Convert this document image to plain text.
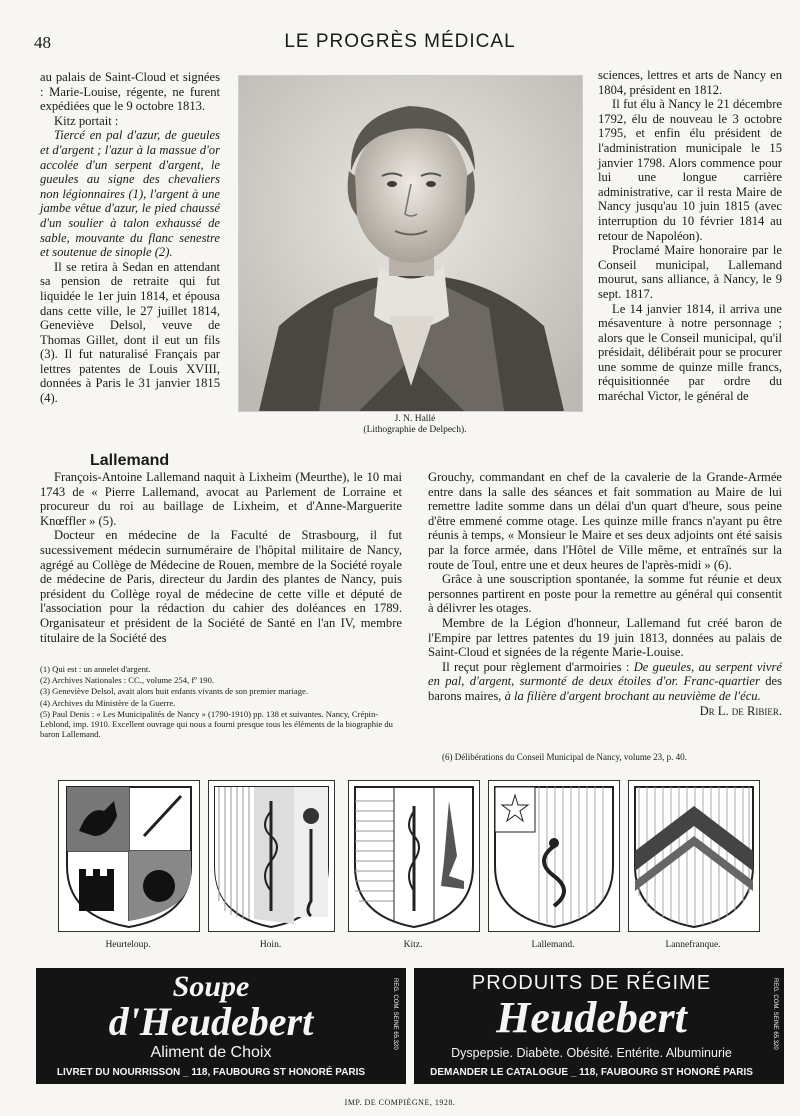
48	LE PROGRÈS MÉDICAL

au palais de Saint-Cloud et signées : Marie-Louise, régente, ne furent expédiées que le 9 octobre 1813.

Kitz portait :

Tiercé en pal d'azur, de gueules et d'argent ; l'azur à la massue d'or accolée d'un serpent d'argent, le gueules au signe des chevaliers non légionnaires (1), l'argent à une jambe vêtue d'azur, le pied chaussé d'un soulier à talon exhaussé de sable, mouvante du flanc senestre et soutenue de sinople (2).

Il se retira à Sedan en attendant sa pension de retraite qui fut liquidée le 1er juin 1814, et épousa dans cette ville, le 27 juillet 1814, Geneviève Delsol, veuve de Thomas Gillet, dont il eut un fils (3). Il fut naturalisé Français par lettres patentes de Louis XVIII, données à Paris le 31 janvier 1815 (4).

J. N. Hallé
(Lithographie de Delpech).

sciences, lettres et arts de Nancy en 1804, président en 1812.

Il fut élu à Nancy le 21 décembre 1792, élu de nouveau le 3 octobre 1795, et enfin élu président de l'administration municipale le 15 janvier 1798. Alors commence pour lui une longue carrière administrative, car il resta Maire de Nancy jusqu'au 10 juin 1815 (avec interruption du 10 février 1814 au retour de Napoléon).

Proclamé Maire honoraire par le Conseil municipal, Lallemand mourut, sans alliance, à Nancy, le 9 sept. 1817.

Le 14 janvier 1814, il arriva une mésaventure à notre personnage ; alors que le Conseil municipal, qu'il présidait, délibérait pour se procurer une somme de quinze mille francs, réquisitionnée par ordre du maréchal Victor, le général de

Lallemand

François-Antoine Lallemand naquit à Lixheim (Meurthe), le 10 mai 1743 de « Pierre Lallemand, avocat au Parlement de Lorraine et procureur du roi au baillage de Lixheim, et d'Anne-Marguerite Knœffler » (5).

Docteur en médecine de la Faculté de Strasbourg, il fut sucessivement médecin surnuméraire de l'hôpital militaire de Nancy, agrégé au Collège de Médecine de Rouen, membre de la Société royale de médecine de Paris, directeur du Jardin des plantes de Nancy, puis président du Collège royal de médecine de cette ville et député de l'association pour la rédaction du cahier des doléances en 1789. Organisateur et président de la Société de Santé en l'an IV, membre titulaire de la Société des

Grouchy, commandant en chef de la cavalerie de la Grande-Armée entre dans la salle des séances et fait sommation au Maire de lui remettre ladite somme dans un délai d'un quart d'heure, sous peine d'être emmené comme otage. Les quinze mille francs n'ayant pu être réunis à temps, « Monsieur le Maire et ses deux adjoints ont été saisis par la force armée, dans l'Hôtel de Ville même, et entraînés sur la route de Toul, entre une et deux heures de l'après-midi » (6).

Grâce à une souscription spontanée, la somme fut réunie et deux personnes partirent en poste pour la remettre au général qui consentit à délivrer les otages.

Membre de la Légion d'honneur, Lallemand fut créé baron de l'Empire par lettres patentes du 19 juin 1813, données au palais de Saint-Cloud et signées de la régente Marie-Louise.

Il reçut pour règlement d'armoiries : De gueules, au serpent vivré en pal, d'argent, surmonté de deux étoiles d'or. Franc-quartier des barons maires, à la filière d'argent brochant au neuvième de l'écu.
Dr L. de Ribier.

(1) Qui est : un annelet d'argent.

(2) Archives Nationales : CC., volume 254, fº 190.

(3) Geneviève Delsol, avait alors huit enfants vivants de son premier mariage.

(4) Archives du Ministère de la Guerre.

(5) Paul Denis : « Les Municipalités de Nancy » (1790-1910) pp. 138 et suivantes. Nancy, Crépin-Leblond, imp. 1910. Excellent ouvrage qui nous a fourni presque tous les éléments de la biographie du baron Lallemand.

(6) Délibérations du Conseil Municipal de Nancy, volume 23, p. 40.
Heurteloup.	Hoin.	Kitz.	Lallemand.	Lannefranque.
Soupe
d'Heudebert
Aliment de Choix
LIVRET DU NOURRISSON _ 118, FAUBOURG ST HONORÉ PARIS
REG. COM. SEINE 65.320	PRODUITS DE RÉGIME
Heudebert
Dyspepsie. Diabète. Obésité. Entérite. Albuminurie
DEMANDER LE CATALOGUE _ 118, FAUBOURG ST HONORÉ PARIS
REG. COM. SEINE 65.320
IMP. DE COMPIÈGNE, 1928.
